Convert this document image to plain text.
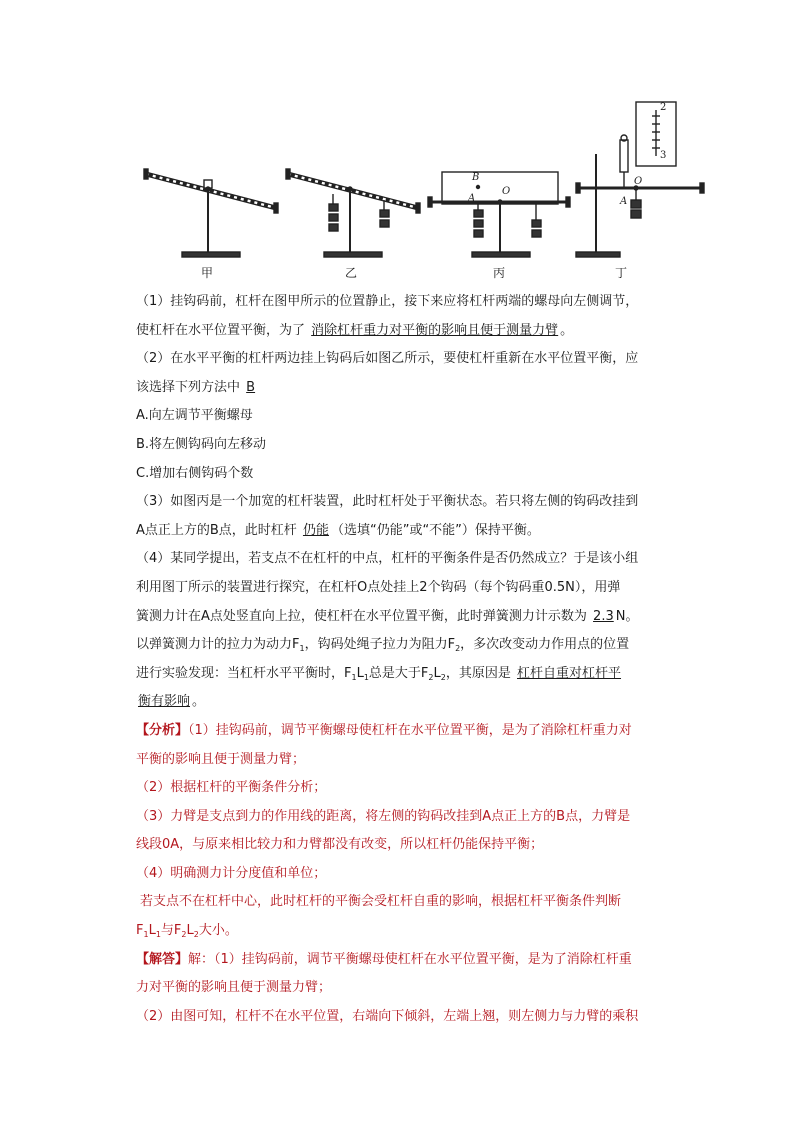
B
O
A
O
A
2
3
甲	乙	丙	丁
（1）挂钩码前，杠杆在图甲所示的位置静止，接下来应将杠杆两端的螺母向左侧调节，
使杠杆在水平位置平衡，为了 消除杠杆重力对平衡的影响且便于测量力臂 。
（2）在水平平衡的杠杆两边挂上钩码后如图乙所示，要使杠杆重新在水平位置平衡，应
该选择下列方法中 B
A.向左调节平衡螺母
B.将左侧钩码向左移动
C.增加右侧钩码个数
（3）如图丙是一个加宽的杠杆装置，此时杠杆处于平衡状态。若只将左侧的钩码改挂到
A点正上方的B点，此时杠杆 仍能 （选填“仍能”或“不能”）保持平衡。
（4）某同学提出，若支点不在杠杆的中点，杠杆的平衡条件是否仍然成立？于是该小组
利用图丁所示的装置进行探究，在杠杆O点处挂上2个钩码（每个钩码重0.5N），用弹
簧测力计在A点处竖直向上拉，使杠杆在水平位置平衡，此时弹簧测力计示数为 2.3 N。
以弹簧测力计的拉力为动力$F_1$，钩码处绳子拉力为阻力$F_2$，多次改变动力作用点的位置
进行实验发现：当杠杆水平平衡时，$F_1L_1$总是大于$F_2L_2$，其原因是 杠杆自重对杠杆平
衡有影响 。
【分析】（1）挂钩码前，调节平衡螺母使杠杆在水平位置平衡，是为了消除杠杆重力对
平衡的影响且便于测量力臂；
（2）根据杠杆的平衡条件分析；
（3）力臂是支点到力的作用线的距离，将左侧的钩码改挂到A点正上方的B点，力臂是
线段0A，与原来相比较力和力臂都没有改变，所以杠杆仍能保持平衡；
（4）明确测力计分度值和单位；
若支点不在杠杆中心，此时杠杆的平衡会受杠杆自重的影响，根据杠杆平衡条件判断
$F_1L_1$与$F_2L_2$大小。
【解答】解：（1）挂钩码前，调节平衡螺母使杠杆在水平位置平衡，是为了消除杠杆重
力对平衡的影响且便于测量力臂；
（2）由图可知，杠杆不在水平位置，右端向下倾斜，左端上翘，则左侧力与力臂的乘积
